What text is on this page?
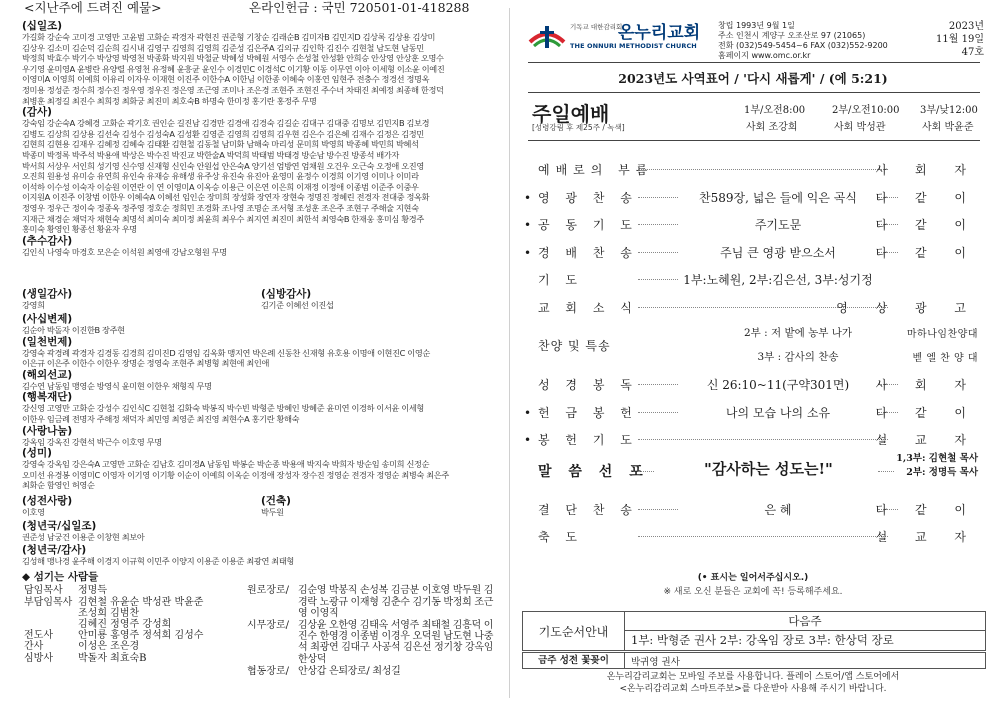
<지난주에 드려진 예물>	온라인헌금 : 국민 720501-01-418288
(십일조)
가길화 강순숙 고미경 고영만 고윤범 고화순 곽경자 곽현진 권준형 기창순 김래순B 김미자B 김민지D 김상록 김상용 김상미
김상우 김소미 김순덕 김순희 김시내 김영구 김영희 김영희 김준성 김은주A 김의규 김인학 김진수 김현철 남도현 남동민
박정희 박효수 박기수 박상영 박영천 박종화 박지원 박철균 박혜성 박혜원 서영수 손성철 안성환 안희승 안상영 안상훈 오명수
우기영 윤미영A 윤병란 유양렬 유영천 유정혜 윤흥균 윤인수 이경민C 이경석C 이기황 이동 이무연 이아 이세형 이소윤 이예진
이영미A 이영희 이예희 이유리 이자우 이재현 이진주 이한수A 이한님 이한종 이혜숙 이홍연 임현주 전충수 정경선 정명옥
정미용 정성준 정수희 정수진 정우영 정우진 정은영 조근영 조미나 조은경 조현주 조현진 주수녀 차태진 최예정 최종해 한정덕
최병훈 최정길 최진수 최희정 최화궁 최진미 최호숙B 하명숙 한미정 홍기란 홍정주 무명
(감사)
강숙임 강순숙A 강혜경 고화순 곽기호 권인순 길진남 김경만 김경애 김경숙 김길순 김대구 김대중 김명보 김민지B 김보경
김병도 김상희 김상용 김선숙 김성수 김성숙A 김성환 김영준 김영희 김영희 김우현 김은수 김은혜 김재수 김정은 김정민
김현희 김현용 김재우 김혜정 김혜숙 김태환 김현철 김동철 남미화 남해숙 마리성 문미희 박영희 박종혜 박민희 박혜석
박종미 박정록 박주석 박용애 박상은 박수진 박진교 박한술A 박덕희 박태범 박태경 방순남 방수진 방종석 배가자
박서희 서상우 서인희 성기영 신수영 신재형 신인숙 안원섭 안은숙A 양기선 엄방연 엄채원 오건우 오근숙 오정애 오진영
오진희 원용성 유미승 유연희 유인숙 유재승 유해생 유주상 유진숙 유진아 윤영미 윤정수 이경희 이기영 이미나 이미라
이석하 이수성 이숙자 이승원 이연란 이 연 이영미A 이옥승 이용근 이은연 이은희 이재정 이정애 이종범 이준주 이중우
이지원A 이진주 이창범 이한우 이혜숙A 이혜선 임인순 장미희 장성화 장연자 장현숙 정명진 정혜린 전경자 전대중 정옥화
정영우 정우근 정이숙 정종옥 정주영 정호순 정희민 조경화 조나영 조명순 조서형 조성훈 조은주 조현구 주해술 지현숙
지재근 채경순 채덕자 채현숙 최명석 최미숙 최미정 최윤희 최우수 최지연 최진미 최한석 최영숙B 한재웅 홍미심 황경주
홍미숙 황영인 황종선 황윤자 우명
(추수감사)
김인식 나영숙 마경호 모은순 이석원 최영애 강남오형원 무명
(생일감사)
강영희
(심방감사)
김기준 이혜선 이진섭
(사십변제)
김순아 박돌자 이진한B 장주현
(일천번제)
강영숙 곽경례 곽경자 김경동 김경희 김미진D 김영임 김옥화 맹지연 박은례 신동찬 신재형 유호용 이명애 이현진C 이영순
이은규 이은주 이한수 이한우 장명순 정영숙 조현주 최병형 최현애 최인애
(해외선교)
김수연 남동임 맹영순 방영식 윤미현 이한우 채형직 무명
(행복재단)
강신영 고영만 고화순 강성수 김인식C 김현철 김화숙 박봉직 박수빈 박형준 방혜인 방혜준 윤미연 이경하 이서윤 이세형
이한우 임금례 전명자 주해정 채덕자 최민영 최영준 최진영 최현수A 홍기란 황해숙
(사랑나눔)
강옥임 강옥진 강현석 박근수 이호영 무명
(성미)
강영숙 강옥임 강은숙A 고영만 고화순 김남호 김미경A 남동임 박봉순 박순종 박용애 박지숙 박희자 방순임 송미희 신정순
오미선 유경봉 이영미C 이영자 이기영 이기황 이순이 이예희 이옥순 이정애 장성자 장수진 정영순 전경자 정영순 최병숙 최은주
최화순 함영인 허영순
(성전사랑)
이호영
(건축)
박두원
(청년국/십일조)
권준성 남궁건 이용준 이창현 최보아
(청년국/감사)
김성해 맹나경 윤주해 이경지 이규혁 이민주 이양지 이용준 이용준 최광연 최태형
◆ 섬기는 사람들
담임목사	정명득
부담임목사 김현철 유윤순 박성관 박윤준
조성희 김범찬
김혜진 정영주 강성희
전도사	안미룡 홍영주 정석희 김성수
간사	이성은 조은경
심방사	박돌자 최효숙B
원로장로/ 김순영 박봉직 손성복 김금분 이호영 박두원 김경락 노광규 이재형 김춘수 김기동 박정희 조근영 이영직
시무장로/ 김상윤 오한영 김태옥 서영주 최태철 김흥덕 이진수 한영경 이종범 이경우 오덕원 남도현 나중석 최광연 김대구 사공석 김은선 정기창 강옥임 한상덕
협동장로/ 안상갑 은퇴장로/ 최성길
기독교 대한감리회
온누리교회
THE ONNURI METHODIST CHURCH
창립 1993년 9월 1일
주소 인천시 계양구 오조산로 97 (21065)
전화 (032)549-5454~6 FAX (032)552-9200
홈페이지 www.omc.or.kr
2023년
11월 19일
47호
2023년도 사역표어 / '다시 새롭게' / (에 5:21)
주일예배
[성령강림 후 제25주 / 녹색]
1부/오전8:00
사회 조강희
2부/오전10:00
사회 박성관
3부/낮12:00
사회 박윤준
예배로의 부름	사 회 자
• 영 광 찬 송	찬589장, 넓은 들에 익은 곡식	다 같 이
• 공 동 기 도	주기도문	다 같 이
• 경 배 찬 송	주님 큰 영광 받으소서	다 같 이
기 도	1부:노혜원, 2부:김은선, 3부:성기정
교 회 소 식	영 상 광 고
찬양 및 특송
2부 : 저 밭에 농부 나가	마하나임찬양대
3부 : 감사의 찬송	벧 엘 찬 양 대
성 경 봉 독	신 26:10~11(구약301면)	사 회 자
• 헌 금 봉 헌	나의 모습 나의 소유	다 같 이
• 봉 헌 기 도	설 교 자
말 씀 선 포	"감사하는 성도는!"
1,3부: 김현철 목사
2부: 정명득 목사
결 단 찬 송	은 혜	다 같 이
축 도	설 교 자
(• 표시는 일어서주십시오.)
※ 새로 오신 분들은 교회에 꼭! 등록해주세요.
기도순서안내
다음주
1부: 박형준 권사 2부: 강옥임 장로 3부: 한상덕 장로
금주 성전 꽃꽂이	박귀영 권사
온누리감리교회는 모바일 주보를 사용합니다. 플레이 스토어/앱 스토어에서
<온누리감리교회 스마트주보>를 다운받아 사용해 주시기 바랍니다.
